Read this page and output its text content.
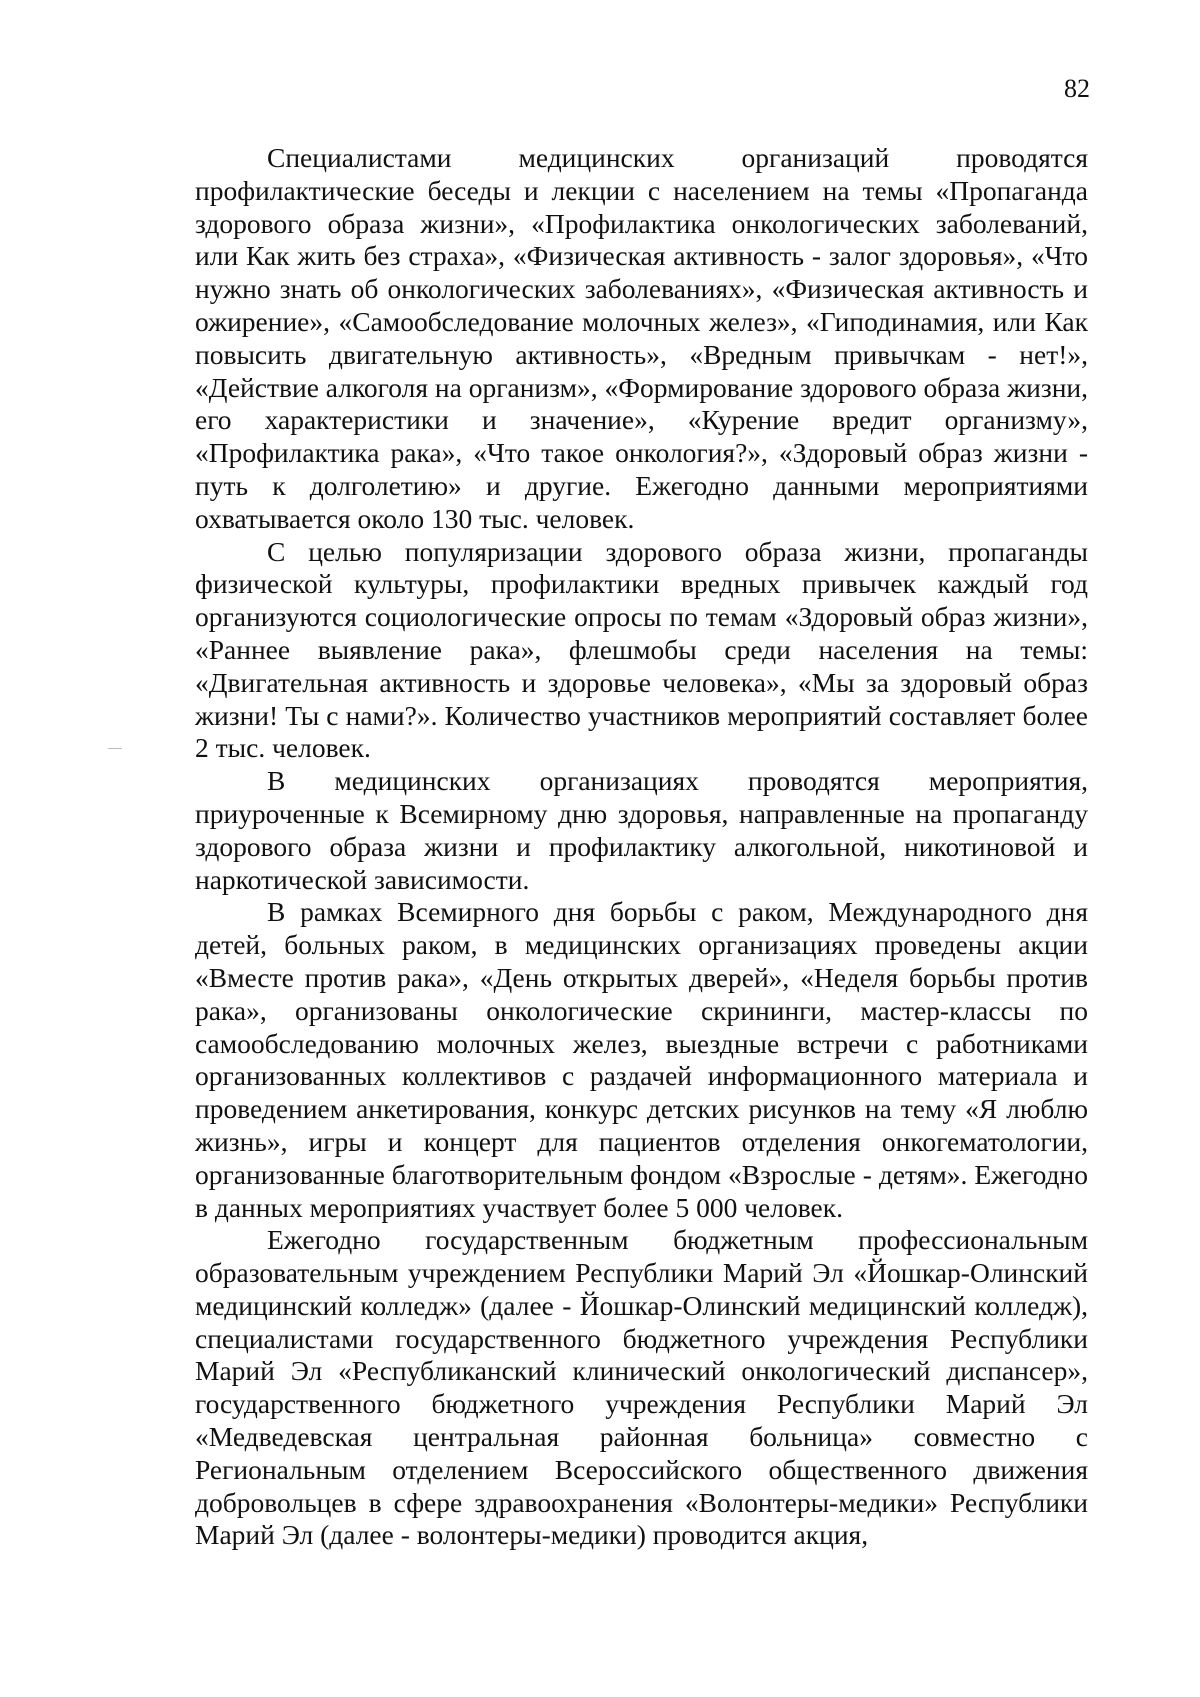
82

Специалистами медицинских организаций проводятся профилактические беседы и лекции с населением на темы «Пропаганда здорового образа жизни», «Профилактика онкологических заболеваний, или Как жить без страха», «Физическая активность - залог здоровья», «Что нужно знать об онкологических заболеваниях», «Физическая активность и ожирение», «Самообследование молочных желез», «Гиподинамия, или Как повысить двигательную активность», «Вредным привычкам - нет!», «Действие алкоголя на организм», «Формирование здорового образа жизни, его характеристики и значение», «Курение вредит организму», «Профилактика рака», «Что такое онкология?», «Здоровый образ жизни - путь к долголетию» и другие. Ежегодно данными мероприятиями охватывается около 130 тыс. человек.

С целью популяризации здорового образа жизни, пропаганды физической культуры, профилактики вредных привычек каждый год организуются социологические опросы по темам «Здоровый образ жизни», «Раннее выявление рака», флешмобы среди населения на темы: «Двигательная активность и здоровье человека», «Мы за здоровый образ жизни! Ты с нами?». Количество участников мероприятий составляет более 2 тыс. человек.

В медицинских организациях проводятся мероприятия, приуроченные к Всемирному дню здоровья, направленные на пропаганду здорового образа жизни и профилактику алкогольной, никотиновой и наркотической зависимости.

В рамках Всемирного дня борьбы с раком, Международного дня детей, больных раком, в медицинских организациях проведены акции «Вместе против рака», «День открытых дверей», «Неделя борьбы против рака», организованы онкологические скрининги, мастер-классы по самообследованию молочных желез, выездные встречи с работниками организованных коллективов с раздачей информационного материала и проведением анкетирования, конкурс детских рисунков на тему «Я люблю жизнь», игры и концерт для пациентов отделения онкогематологии, организованные благотворительным фондом «Взрослые - детям». Ежегодно в данных мероприятиях участвует более 5 000 человек.

Ежегодно государственным бюджетным профессиональным образовательным учреждением Республики Марий Эл «Йошкар-Олинский медицинский колледж» (далее - Йошкар-Олинский медицинский колледж), специалистами государственного бюджетного учреждения Республики Марий Эл «Республиканский клинический онкологический диспансер», государственного бюджетного учреждения Республики Марий Эл «Медведевская центральная районная больница» совместно с Региональным отделением Всероссийского общественного движения добровольцев в сфере здравоохранения «Волонтеры-медики» Республики Марий Эл (далее - волонтеры-медики) проводится акция,
